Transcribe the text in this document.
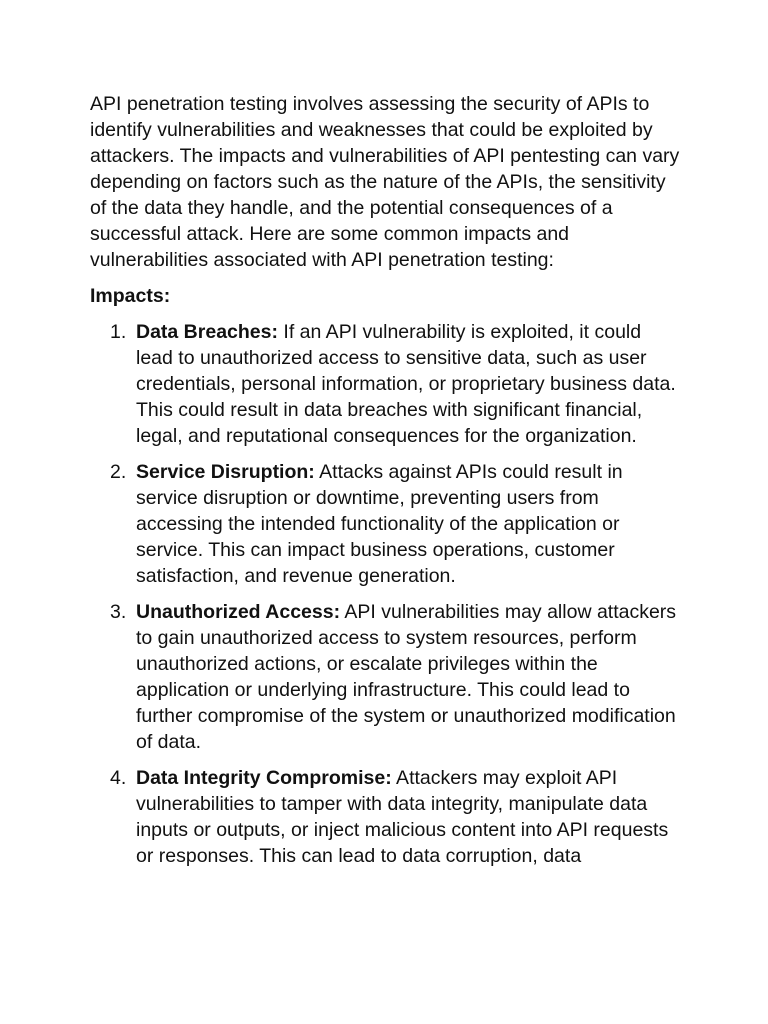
API penetration testing involves assessing the security of APIs to identify vulnerabilities and weaknesses that could be exploited by attackers. The impacts and vulnerabilities of API pentesting can vary depending on factors such as the nature of the APIs, the sensitivity of the data they handle, and the potential consequences of a successful attack. Here are some common impacts and vulnerabilities associated with API penetration testing:

Impacts:

1. Data Breaches: If an API vulnerability is exploited, it could lead to unauthorized access to sensitive data, such as user credentials, personal information, or proprietary business data. This could result in data breaches with significant financial, legal, and reputational consequences for the organization.
2. Service Disruption: Attacks against APIs could result in service disruption or downtime, preventing users from accessing the intended functionality of the application or service. This can impact business operations, customer satisfaction, and revenue generation.
3. Unauthorized Access: API vulnerabilities may allow attackers to gain unauthorized access to system resources, perform unauthorized actions, or escalate privileges within the application or underlying infrastructure. This could lead to further compromise of the system or unauthorized modification of data.
4. Data Integrity Compromise: Attackers may exploit API vulnerabilities to tamper with data integrity, manipulate data inputs or outputs, or inject malicious content into API requests or responses. This can lead to data corruption, data
